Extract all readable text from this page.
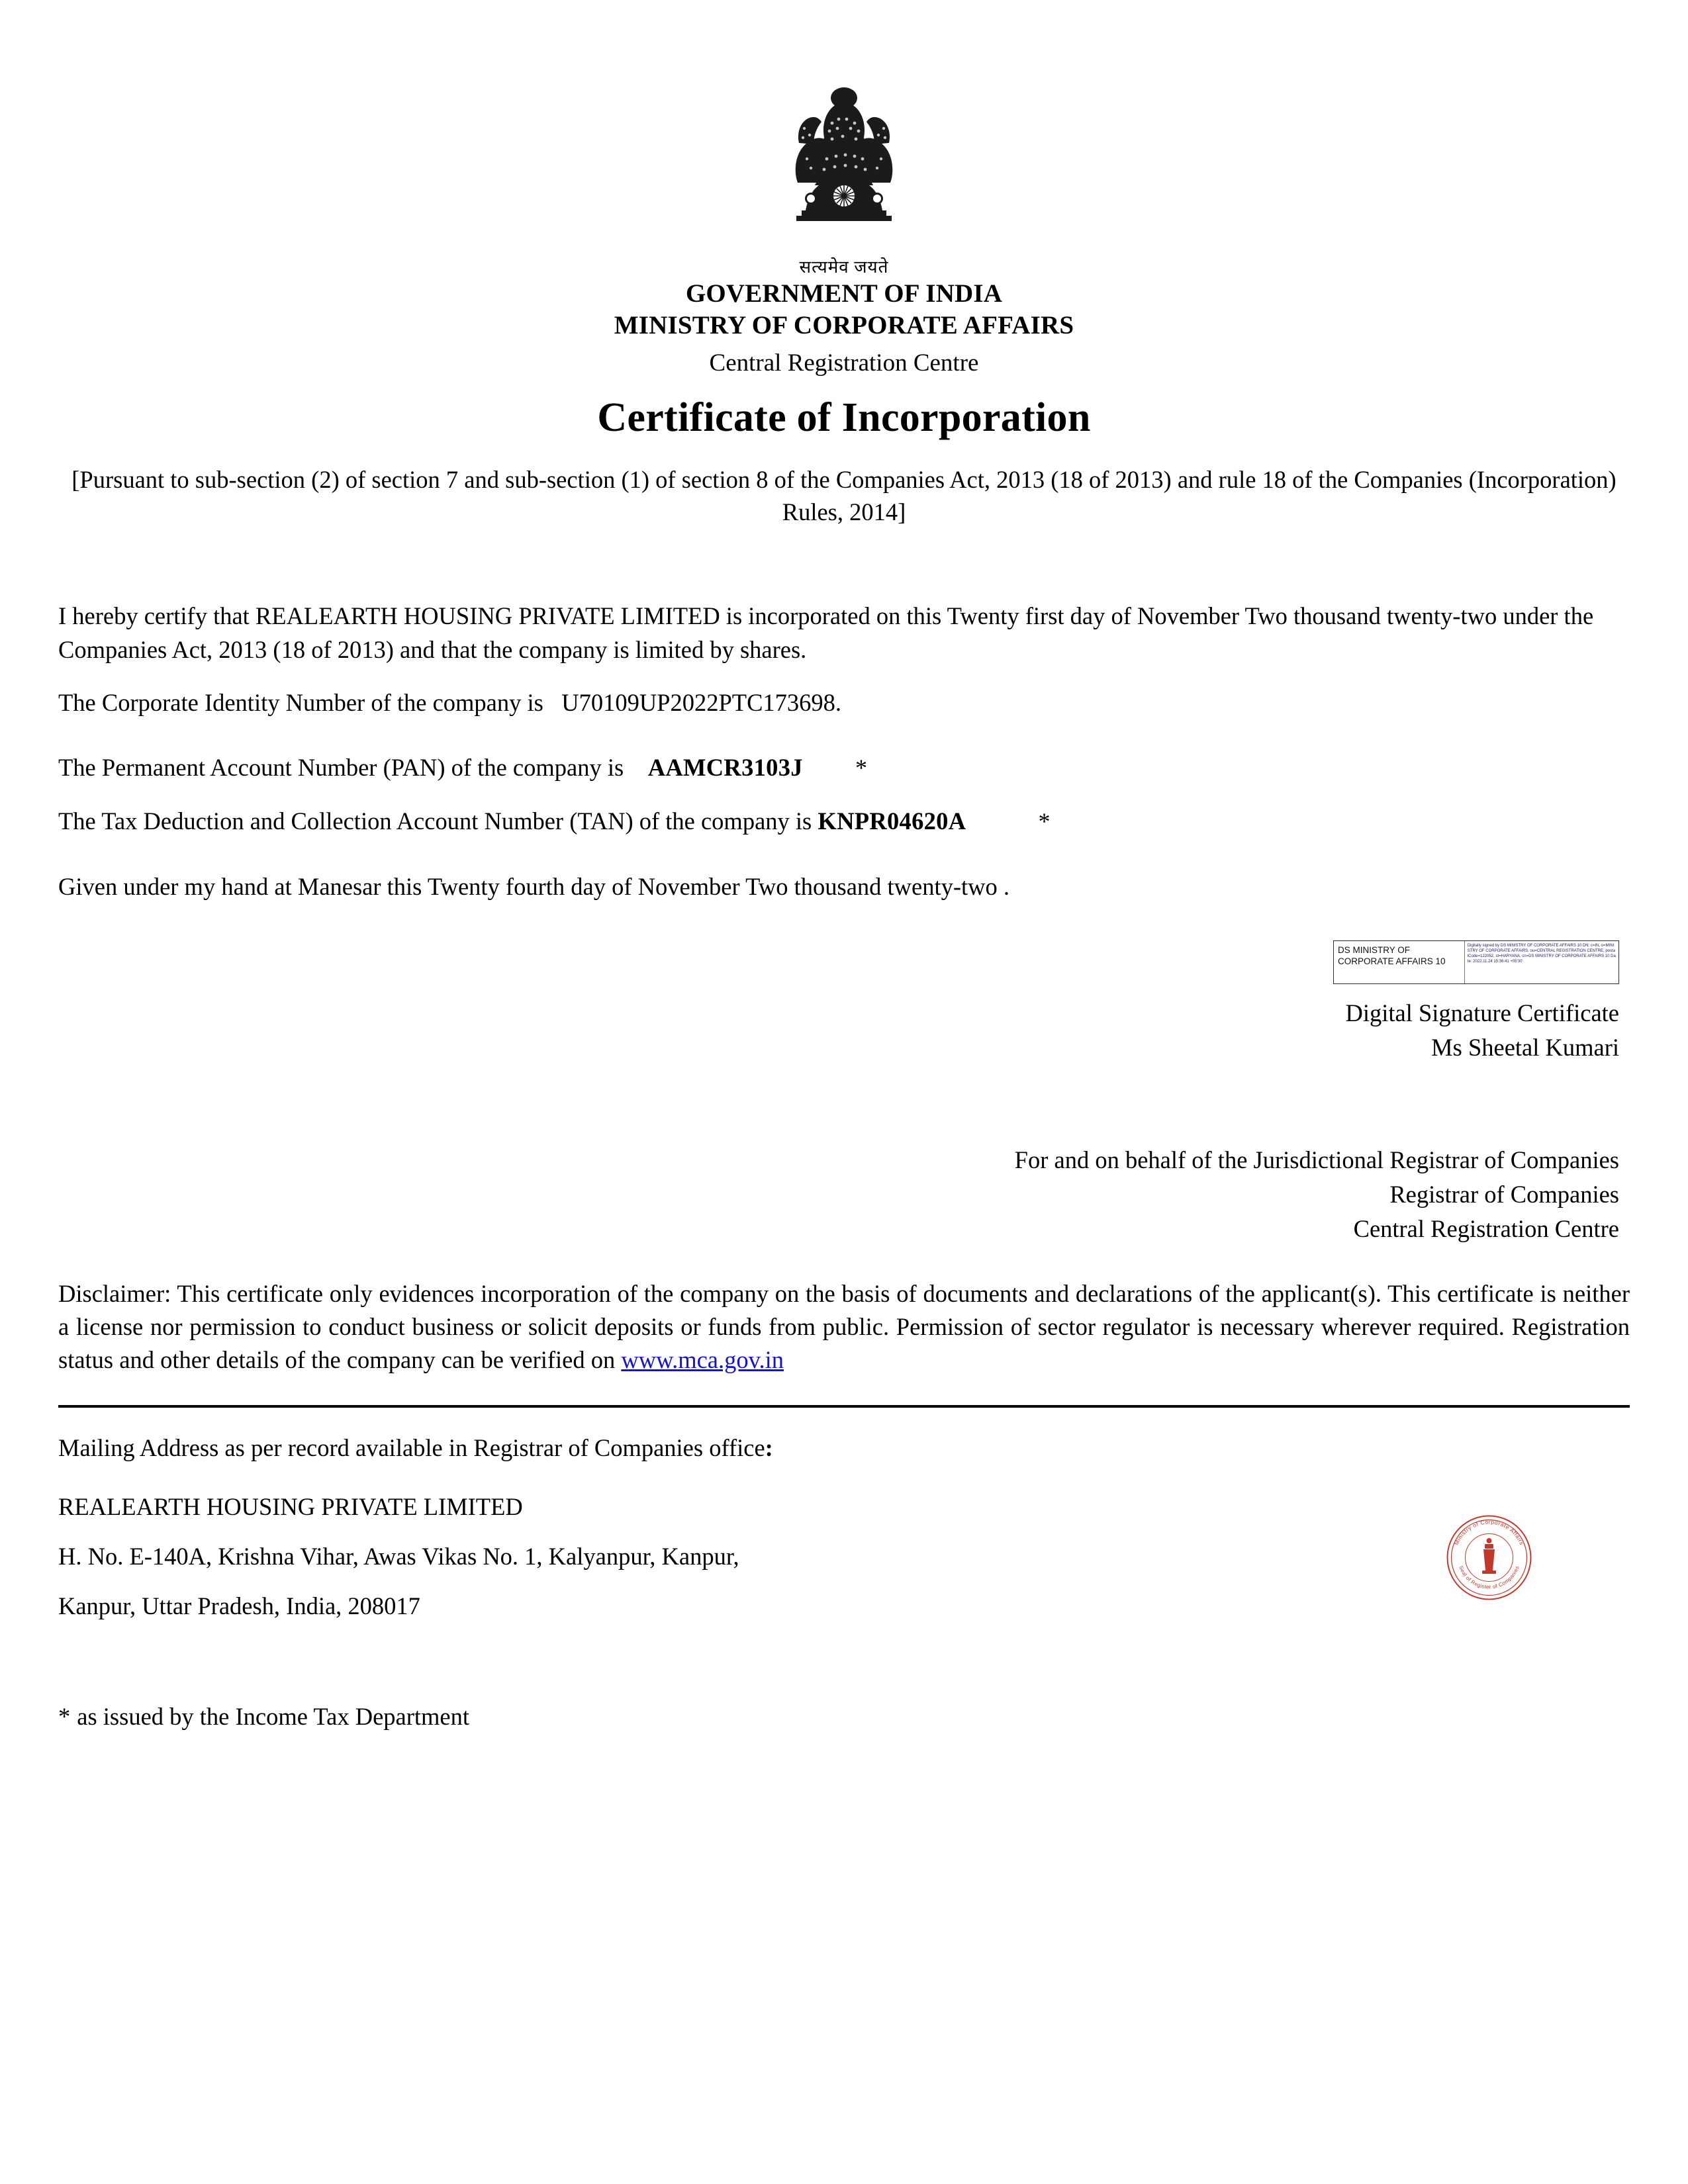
सत्यमेव जयते
GOVERNMENT OF INDIA
MINISTRY OF CORPORATE AFFAIRS
Central Registration Centre
Certificate of Incorporation
[Pursuant to sub-section (2) of section 7 and sub-section (1) of section 8 of the Companies Act, 2013 (18 of 2013) and rule 18 of the Companies (Incorporation) Rules, 2014]

I hereby certify that REALEARTH HOUSING PRIVATE LIMITED is incorporated on this Twenty first day of November Two thousand twenty-two under the Companies Act, 2013 (18 of 2013) and that the company is limited by shares.

The Corporate Identity Number of the company is U70109UP2022PTC173698.

The Permanent Account Number (PAN) of the company is AAMCR3103J *

The Tax Deduction and Collection Account Number (TAN) of the company is KNPR04620A	*

Given under my hand at Manesar this Twenty fourth day of November Two thousand twenty-two .

DS MINISTRY OF CORPORATE AFFAIRS 10
Digitally signed by DS MINISTRY OF CORPORATE AFFAIRS 10 DN: c=IN, o=MINISTRY OF CORPORATE AFFAIRS, ou=CENTRAL REGISTRATION CENTRE, postalCode=122052, st=HARYANA, cn=DS MINISTRY OF CORPORATE AFFAIRS 10 Date: 2022.11.24 15:36:41 +05'30'
Digital Signature Certificate
Ms Sheetal Kumari
For and on behalf of the Jurisdictional Registrar of Companies
Registrar of Companies
Central Registration Centre
Disclaimer: This certificate only evidences incorporation of the company on the basis of documents and declarations of the applicant(s). This certificate is neither a license nor permission to conduct business or solicit deposits or funds from public. Permission of sector regulator is necessary wherever required. Registration status and other details of the company can be verified on www.mca.gov.in

Mailing Address as per record available in Registrar of Companies office:

REALEARTH HOUSING PRIVATE LIMITED

H. No. E-140A, Krishna Vihar, Awas Vikas No. 1, Kalyanpur, Kanpur,

Kanpur, Uttar Pradesh, India, 208017

Ministry of Corporate Affairs
Seal of Register of Companies
* as issued by the Income Tax Department
